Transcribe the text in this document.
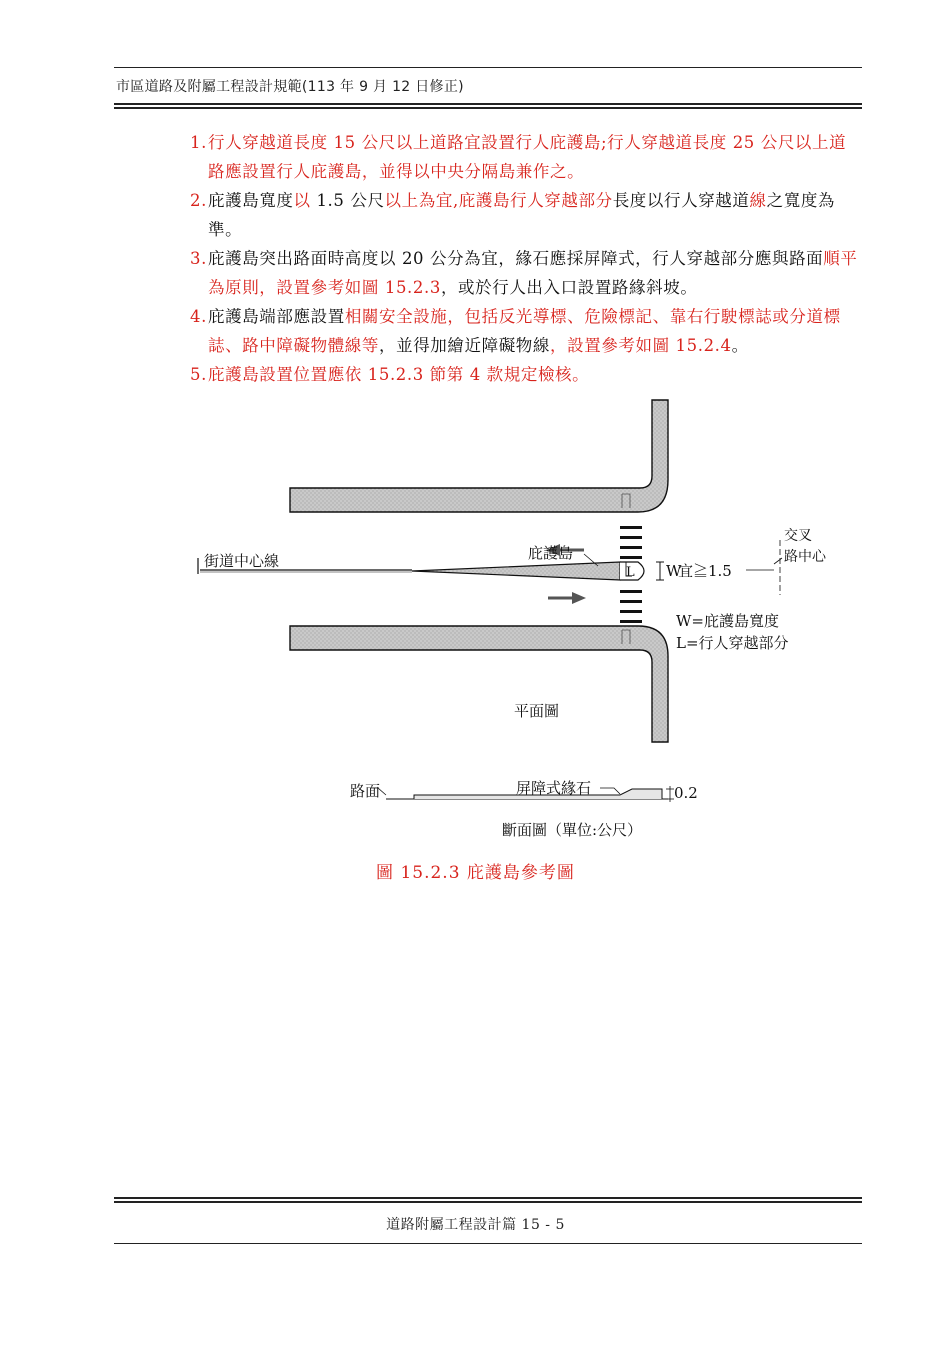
市區道路及附屬工程設計規範(113 年 9 月 12 日修正)
1. 行人穿越道長度 15 公尺以上道路宜設置行人庇護島;行人穿越道長度 25 公尺以上道路應設置行人庇護島，並得以中央分隔島兼作之。
2. 庇護島寬度以 1.5 公尺以上為宜,庇護島行人穿越部分長度以行人穿越道線之寬度為準。
3. 庇護島突出路面時高度以 20 公分為宜，緣石應採屏障式，行人穿越部分應與路面順平為原則，設置參考如圖 15.2.3，或於行人出入口設置路緣斜坡。
4. 庇護島端部應設置相關安全設施，包括反光導標、危險標記、靠右行駛標誌或分道標誌、路中障礙物體線等，並得加繪近障礙物線，設置參考如圖 15.2.4。
5. 庇護島設置位置應依 15.2.3 節第 4 款規定檢核。
街道中心線	庇護島
W
L	宜≧1.5
交叉
路中心
W=庇護島寬度
L=行人穿越部分
平面圖
路面	屏障式緣石	0.2
斷面圖（單位:公尺）
圖 15.2.3 庇護島參考圖
道路附屬工程設計篇 15 - 5
